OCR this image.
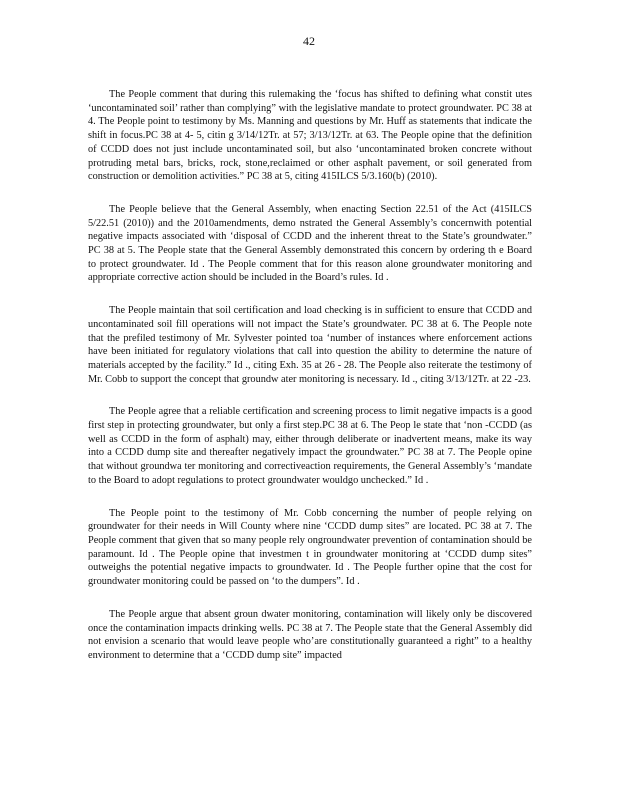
42

The People comment that during this rulemaking the ‘focus has shifted to defining what constit utes ‘uncontaminated soil’ rather than complying” with the legislative mandate to protect groundwater. PC 38 at 4. The People point to testimony by Ms. Manning and questions by Mr. Huff as statements that indicate the shift in focus.PC 38 at 4- 5, citin g 3/14/12Tr. at 57; 3/13/12Tr. at 63. The People opine that the definition of CCDD does not just include uncontaminated soil, but also ‘uncontaminated broken concrete without protruding metal bars, bricks, rock, stone,reclaimed or other asphalt pavement, or soil generated from construction or demolition activities.” PC 38 at 5, citing 415ILCS 5/3.160(b) (2010).

The People believe that the General Assembly, when enacting Section 22.51 of the Act (415ILCS 5/22.51 (2010)) and the 2010amendments, demo nstrated the General Assembly’s concernwith potential negative impacts associated with ‘disposal of CCDD and the inherent threat to the State’s groundwater.” PC 38 at 5. The People state that the General Assembly demonstrated this concern by ordering th e Board to protect groundwater. Id . The People comment that for this reason alone groundwater monitoring and appropriate corrective action should be included in the Board’s rules. Id .

The People maintain that soil certification and load checking is in sufficient to ensure that CCDD and uncontaminated soil fill operations will not impact the State’s groundwater. PC 38 at 6. The People note that the prefiled testimony of Mr. Sylvester pointed toa ‘number of instances where enforcement actions have been initiated for regulatory violations that call into question the ability to determine the nature of materials accepted by the facility.” Id ., citing Exh. 35 at 26 - 28. The People also reiterate the testimony of Mr. Cobb to support the concept that groundw ater monitoring is necessary. Id ., citing 3/13/12Tr. at 22 -23.

The People agree that a reliable certification and screening process to limit negative impacts is a good first step in protecting groundwater, but only a first step.PC 38 at 6. The Peop le state that ‘non -CCDD (as well as CCDD in the form of asphalt) may, either through deliberate or inadvertent means, make its way into a CCDD dump site and thereafter negatively impact the groundwater.” PC 38 at 7. The People opine that without groundwa ter monitoring and correctiveaction requirements, the General Assembly’s ‘mandate to the Board to adopt regulations to protect groundwater wouldgo unchecked.” Id .

The People point to the testimony of Mr. Cobb concerning the number of people relying on groundwater for their needs in Will County where nine ‘CCDD dump sites” are located. PC 38 at 7. The People comment that given that so many people rely ongroundwater prevention of contamination should be paramount. Id . The People opine that investmen t in groundwater monitoring at ‘CCDD dump sites” outweighs the potential negative impacts to groundwater. Id . The People further opine that the cost for groundwater monitoring could be passed on ‘to the dumpers”. Id .

The People argue that absent groun dwater monitoring, contamination will likely only be discovered once the contamination impacts drinking wells. PC 38 at 7. The People state that the General Assembly did not envision a scenario that would leave people who’are constitutionally guaranteed a right” to a healthy environment to determine that a ‘CCDD dump site” impacted
